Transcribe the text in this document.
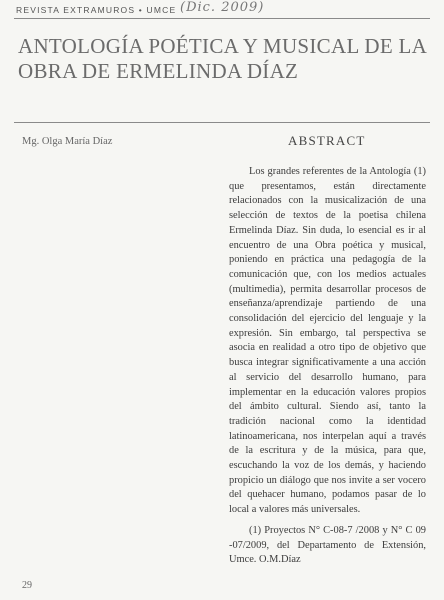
REVISTA EXTRAMUROS • UMCE (Dic. 2009)
ANTOLOGÍA POÉTICA Y MUSICAL DE LA
OBRA DE ERMELINDA DÍAZ
Mg. Olga María Díaz	ABSTRACT

Los grandes referentes de la Antología (1) que presentamos, están directamente relacionados con la musicalización de una selección de textos de la poetisa chilena Ermelinda Díaz. Sin duda, lo esencial es ir al encuentro de una Obra poética y musical, poniendo en práctica una pedagogía de la comunicación que, con los medios actuales (multimedia), permita desarrollar procesos de enseñanza/aprendizaje partiendo de una consolidación del ejercicio del lenguaje y la expresión. Sin embargo, tal perspectiva se asocia en realidad a otro tipo de objetivo que busca integrar significativamente a una acción al servicio del desarrollo humano, para implementar en la educación valores propios del ámbito cultural. Siendo así, tanto la tradición nacional como la identidad latinoamericana, nos interpelan aquí a través de la escritura y de la música, para que, escuchando la voz de los demás, y haciendo propicio un diálogo que nos invite a ser vocero del quehacer humano, podamos pasar de lo local a valores más universales.

(1) Proyectos N° C-08-7 /2008 y N° C 09 -07/2009, del Departamento de Extensión, Umce. O.M.Díaz

29
